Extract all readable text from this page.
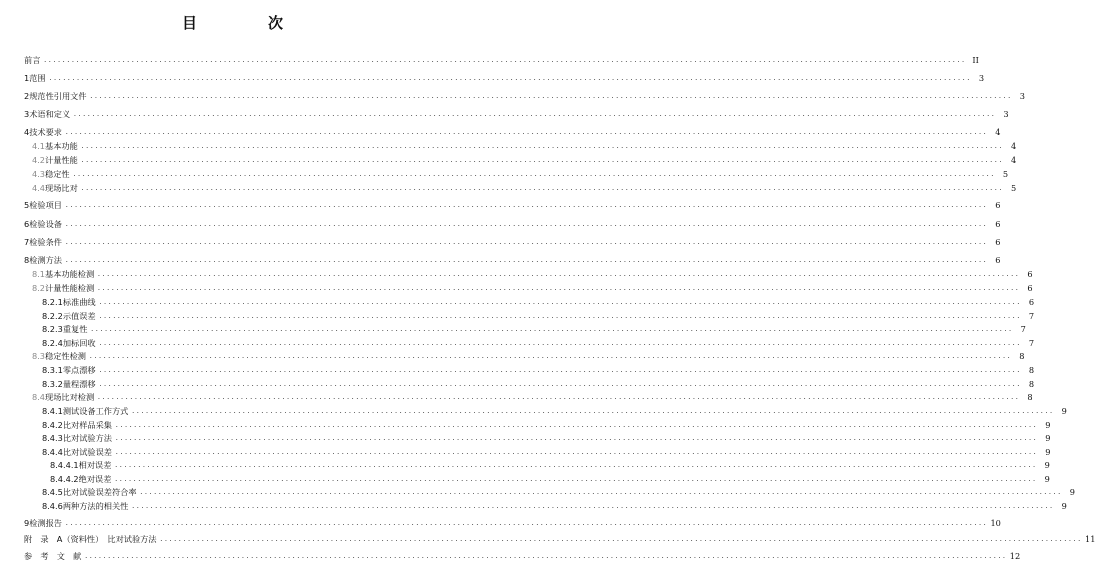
目　次
前 言 ........................................................................................................................................................................................................ II
1 范围 ........................................................................................................................................................................................................ 3
2 规范性引用文件 ........................................................................................................................................................................................................ 3
3 术语和定义 ........................................................................................................................................................................................................ 3
4 技术要求 ........................................................................................................................................................................................................ 4
4.1 基本功能 ........................................................................................................................................................................................................ 4
4.2 计量性能 ........................................................................................................................................................................................................ 4
4.3 稳定性 ........................................................................................................................................................................................................ 5
4.4 现场比对 ........................................................................................................................................................................................................ 5
5 检验项目 ........................................................................................................................................................................................................ 6
6 检验设备 ........................................................................................................................................................................................................ 6
7 检验条件 ........................................................................................................................................................................................................ 6
8 检测方法 ........................................................................................................................................................................................................ 6
8.1 基本功能检测 ........................................................................................................................................................................................................ 6
8.2 计量性能检测 ........................................................................................................................................................................................................ 6
8.2.1 标准曲线 ........................................................................................................................................................................................................ 6
8.2.2 示值误差 ........................................................................................................................................................................................................ 7
8.2.3 重复性 ........................................................................................................................................................................................................ 7
8.2.4 加标回收 ........................................................................................................................................................................................................ 7
8.3 稳定性检测 ........................................................................................................................................................................................................ 8
8.3.1 零点漂移 ........................................................................................................................................................................................................ 8
8.3.2 量程漂移 ........................................................................................................................................................................................................ 8
8.4 现场比对检测 ........................................................................................................................................................................................................ 8
8.4.1 测试设备工作方式 ........................................................................................................................................................................................................ 9
8.4.2 比对样品采集 ........................................................................................................................................................................................................ 9
8.4.3 比对试验方法 ........................................................................................................................................................................................................ 9
8.4.4 比对试验误差 ........................................................................................................................................................................................................ 9
8.4.4.1 相对误差 ........................................................................................................................................................................................................ 9
8.4.4.2 绝对误差 ........................................................................................................................................................................................................ 9
8.4.5 比对试验误差符合率 ........................................................................................................................................................................................................ 9
8.4.6 两种方法的相关性 ........................................................................................................................................................................................................ 9
9 检测报告 ........................................................................................................................................................................................................ 10
附　录　A （资料性）　比对试验方法 ........................................................................................................................................................................................................ 11
参　考　文　献 ........................................................................................................................................................................................................ 12
